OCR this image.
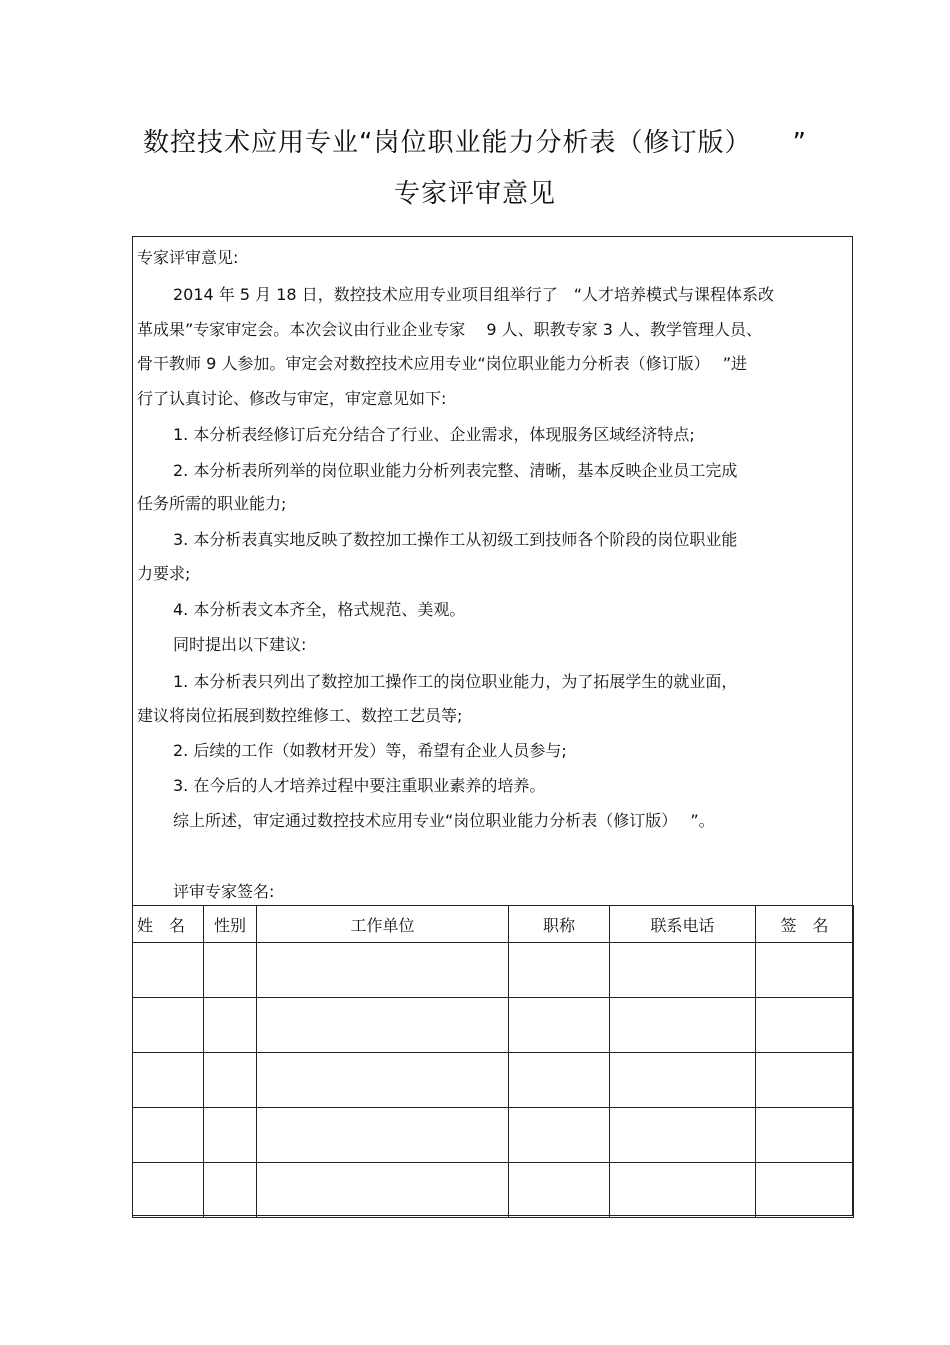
数控技术应用专业“岗位职业能力分析表（修订版）　　”
专家评审意见
专家评审意见:
2014 年 5 月 18 日，数控技术应用专业项目组举行了　“人才培养模式与课程体系改
革成果”专家审定会。本次会议由行业企业专家　 9 人、职教专家 3 人、教学管理人员、
骨干教师 9 人参加。审定会对数控技术应用专业“岗位职业能力分析表（修订版）　 ”进
行了认真讨论、修改与审定，审定意见如下:
1. 本分析表经修订后充分结合了行业、企业需求，体现服务区域经济特点;
2. 本分析表所列举的岗位职业能力分析列表完整、清晰，基本反映企业员工完成
任务所需的职业能力;
3. 本分析表真实地反映了数控加工操作工从初级工到技师各个阶段的岗位职业能
力要求;
4. 本分析表文本齐全，格式规范、美观。
同时提出以下建议:
1. 本分析表只列出了数控加工操作工的岗位职业能力，为了拓展学生的就业面，
建议将岗位拓展到数控维修工、数控工艺员等;
2. 后续的工作（如教材开发）等，希望有企业人员参与;
3. 在今后的人才培养过程中要注重职业素养的培养。
综上所述，审定通过数控技术应用专业“岗位职业能力分析表（修订版）　 ”。
评审专家签名:
姓　名	性别	工作单位	职称	联系电话	签　名
